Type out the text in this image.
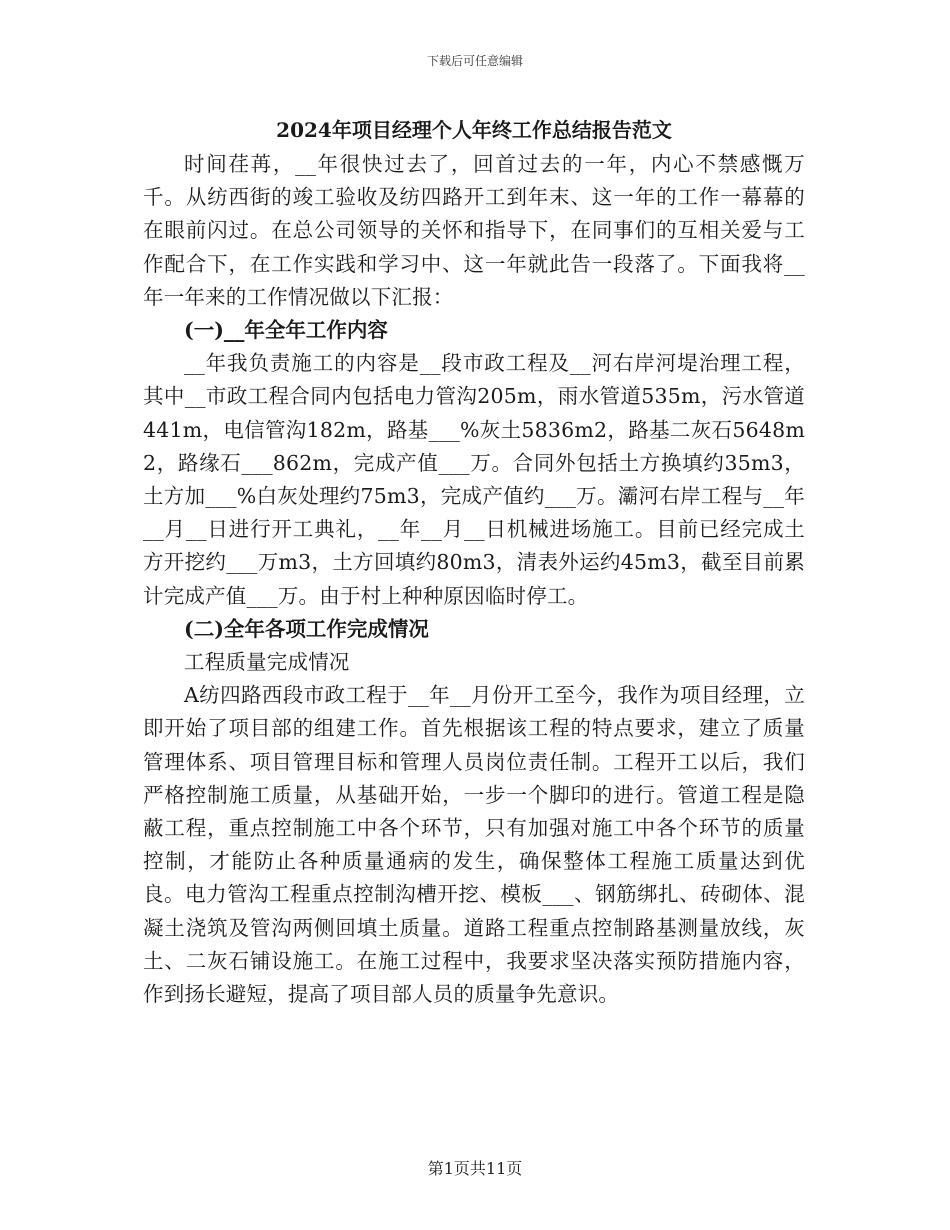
下载后可任意编辑
2024年项目经理个人年终工作总结报告范文

时间荏苒，__年很快过去了，回首过去的一年，内心不禁感慨万千。从纺西街的竣工验收及纺四路开工到年末、这一年的工作一幕幕的在眼前闪过。在总公司领导的关怀和指导下，在同事们的互相关爱与工作配合下，在工作实践和学习中、这一年就此告一段落了。下面我将__年一年来的工作情况做以下汇报：

(一)__年全年工作内容

__年我负责施工的内容是__段市政工程及__河右岸河堤治理工程，其中__市政工程合同内包括电力管沟205m，雨水管道535m，污水管道441m，电信管沟182m，路基___%灰土5836m2，路基二灰石5648m2，路缘石___862m，完成产值___万。合同外包括土方换填约35m3，土方加___%白灰处理约75m3，完成产值约___万。灞河右岸工程与__年__月__日进行开工典礼，__年__月__日机械进场施工。目前已经完成土方开挖约___万m3，土方回填约80m3，清表外运约45m3，截至目前累计完成产值___万。由于村上种种原因临时停工。

(二)全年各项工作完成情况

工程质量完成情况

A纺四路西段市政工程于__年__月份开工至今，我作为项目经理，立即开始了项目部的组建工作。首先根据该工程的特点要求，建立了质量管理体系、项目管理目标和管理人员岗位责任制。工程开工以后，我们严格控制施工质量，从基础开始，一步一个脚印的进行。管道工程是隐蔽工程，重点控制施工中各个环节，只有加强对施工中各个环节的质量控制，才能防止各种质量通病的发生，确保整体工程施工质量达到优良。电力管沟工程重点控制沟槽开挖、模板___、钢筋绑扎、砖砌体、混凝土浇筑及管沟两侧回填土质量。道路工程重点控制路基测量放线，灰土、二灰石铺设施工。在施工过程中，我要求坚决落实预防措施内容，作到扬长避短，提高了项目部人员的质量争先意识。

第1页共11页
